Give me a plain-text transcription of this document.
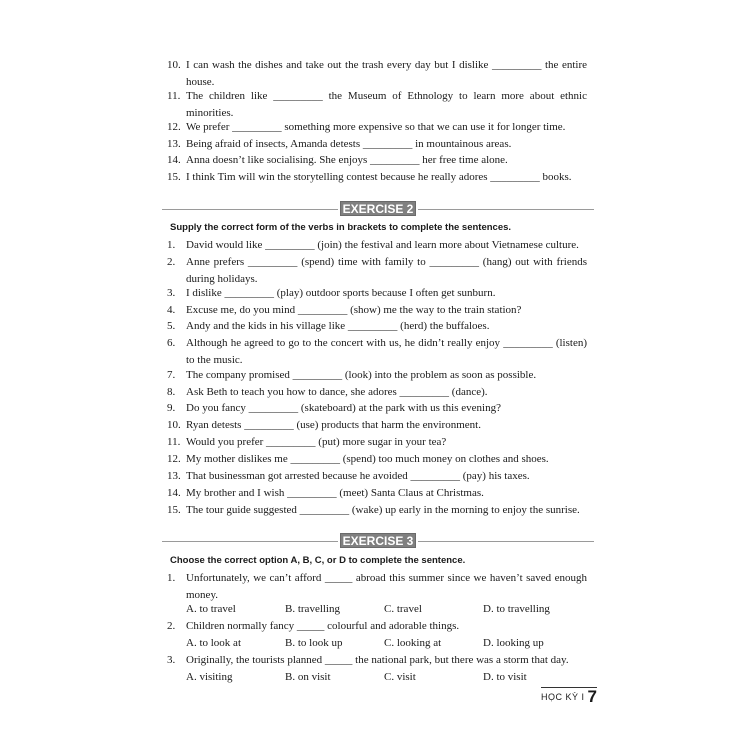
10. I can wash the dishes and take out the trash every day but I dislike _________ the entire house.
11. The children like _________ the Museum of Ethnology to learn more about ethnic minorities.
12. We prefer _________ something more expensive so that we can use it for longer time.
13. Being afraid of insects, Amanda detests _________ in mountainous areas.
14. Anna doesn’t like socialising. She enjoys _________ her free time alone.
15. I think Tim will win the storytelling contest because he really adores _________ books.
EXERCISE 2
Supply the correct form of the verbs in brackets to complete the sentences.
1. David would like _________ (join) the festival and learn more about Vietnamese culture.
2. Anne prefers _________ (spend) time with family to _________ (hang) out with friends during holidays.
3. I dislike _________ (play) outdoor sports because I often get sunburn.
4. Excuse me, do you mind _________ (show) me the way to the train station?
5. Andy and the kids in his village like _________ (herd) the buffaloes.
6. Although he agreed to go to the concert with us, he didn’t really enjoy _________ (listen) to the music.
7. The company promised _________ (look) into the problem as soon as possible.
8. Ask Beth to teach you how to dance, she adores _________ (dance).
9. Do you fancy _________ (skateboard) at the park with us this evening?
10. Ryan detests _________ (use) products that harm the environment.
11. Would you prefer _________ (put) more sugar in your tea?
12. My mother dislikes me _________ (spend) too much money on clothes and shoes.
13. That businessman got arrested because he avoided _________ (pay) his taxes.
14. My brother and I wish _________ (meet) Santa Claus at Christmas.
15. The tour guide suggested _________ (wake) up early in the morning to enjoy the sunrise.
EXERCISE 3
Choose the correct option A, B, C, or D to complete the sentence.
1. Unfortunately, we can’t afford _____ abroad this summer since we haven’t saved enough money.
A. to travel	B. travelling	C. travel	D. to travelling
2. Children normally fancy _____ colourful and adorable things.
A. to look at	B. to look up	C. looking at	D. looking up
3. Originally, the tourists planned _____ the national park, but there was a storm that day.
A. visiting	B. on visit	C. visit	D. to visit
HỌC KỲ I 7
